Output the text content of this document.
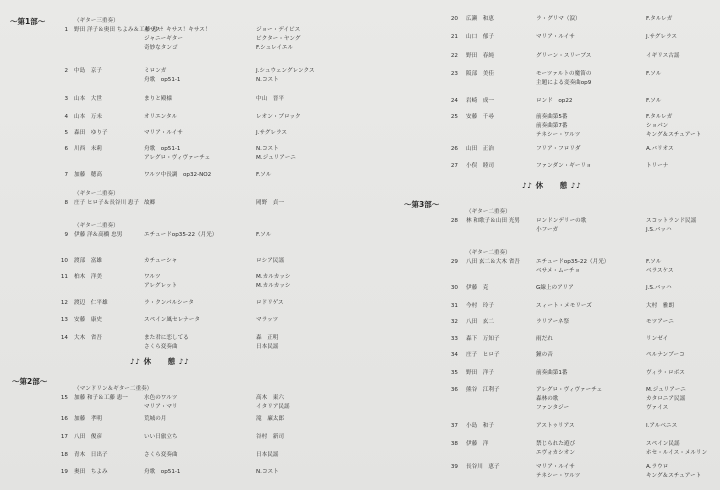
〜第1部〜
♪♪ 休　　憩 ♪♪
〜第2部〜
♪♪ 休　　憩 ♪♪
〜第3部〜
（ギター三重奏）
1 野田 洋子＆奥田 ちよみ＆工藤 恵一
キサス！キサス！キサス！	ジョー・デイビス
ジャニーギター	ビクター・ヤング
奇妙なタンゴ	F.シュレイエル
2 中島　京子	ミロンガ	J.シュウェングレンクス
舟歌　op51-1	N.コスト
3 山本　大世	まりと殿様	中山　晋平
4 山本　万未	オリエンタル	レオン・ブロック
5 森田　ゆり子	マリア・ルイサ	J.サグレラス
6 川西　未莉	舟歌　op51-1	N.コスト
アレグロ・ヴィヴァーチェ	M.ジュリアーニ
7 加藤　穂高	ワルツ中長調　op32-NO2	F.ソル
（ギター二重奏）
8 庄子 ヒロ子＆長谷川 恵子 故郷	岡野　貞一
（ギター二重奏）
9 伊藤 洋＆高橋 忠男	エチュードop35-22（月光）	F.ソル
10 渡部　富雄	カチューシャ	ロシア民謡
11 柏木　洋美	ワルツ	M.カルカッシ
アレグレット	M.カルカッシ
12 渡辺　仁平雄	ラ・クンパルシータ	ロドリゲス
13 安藤　康史	スペイン風セレナータ	マラッツ
14 大木　省吾	また君に恋してる	森　正明
さくら変奏曲	日本民謡
（マンドリン＆ギター二重奏）
15 加藤 和子＆工藤 恵一	水色のワルツ	高木　東六
マリア・マリ	イタリア民謡
16 加藤　孝明	荒城の月	滝　廉太郎
17 八田　俊彦	いい日旅立ち	谷村　新司
18 青木　日出子	さくら変奏曲	日本民謡
19 奥田　ちよみ	舟歌　op51-1	N.コスト
20 広瀬　和恵	ラ・グリマ（涙）	F.タルレガ
21 山口　郁子	マリア・ルイサ	J.サグレラス
22 野田　春純	グリーン・スリーブス	イギリス古謡
23 阪部　美佳	モーツァルトの魔笛の	F.ソル
主題による変奏曲op9
24 岩崎　成一	ロンド　op22	F.ソル
25 安藤　千尋	前奏曲第5番	F.タルレガ
前奏曲第7番	ショパン
テネシー・ワルツ	キング＆スチュアート
26 山田　正治	フリア・フロリダ	A.バリオス
27 小俣　睦司	ファンダン・ギーリョ	トリーナ
（ギター二重奏）
28 林 和歌子＆山田 光男	ロンドンデリーの歌	スコットランド民謡
小フーガ	J.S.バッハ
（ギター二重奏）
29 八田 玄二＆大木 省吾	エチュードop35-22（月光）	F.ソル
ベサメ・ムーチョ	ベラスケス
30 伊藤　克	G線上のアリア	J.S.バッハ
31 今村　玲子	スィート・メモリーズ	大村　雅朗
32 八田　玄二	ラリアーネ祭	モツアーニ
33 森下　万知子	雨だれ	リンゼイ
34 庄子　ヒロ子	鐘の音	ペルナンブーコ
35 野田　洋子	前奏曲第1番	ヴィラ・ロボス
36 熊谷　江利子	アレグロ・ヴィヴァーチェ	M.ジュリアーニ
森林の歌	カタロニア民謡
ファンタジー	ヴァイス
37 小島　和子	アストゥリアス	I.アルベニス
38 伊藤　洋	禁じられた遊び	スペイン民謡
エヴォカシオン	ホセ・ルイス・メルリン
39 長谷川　恵子	マリア・ルイサ	A.ラウロ
テネシー・ワルツ	キング＆スチュアート
